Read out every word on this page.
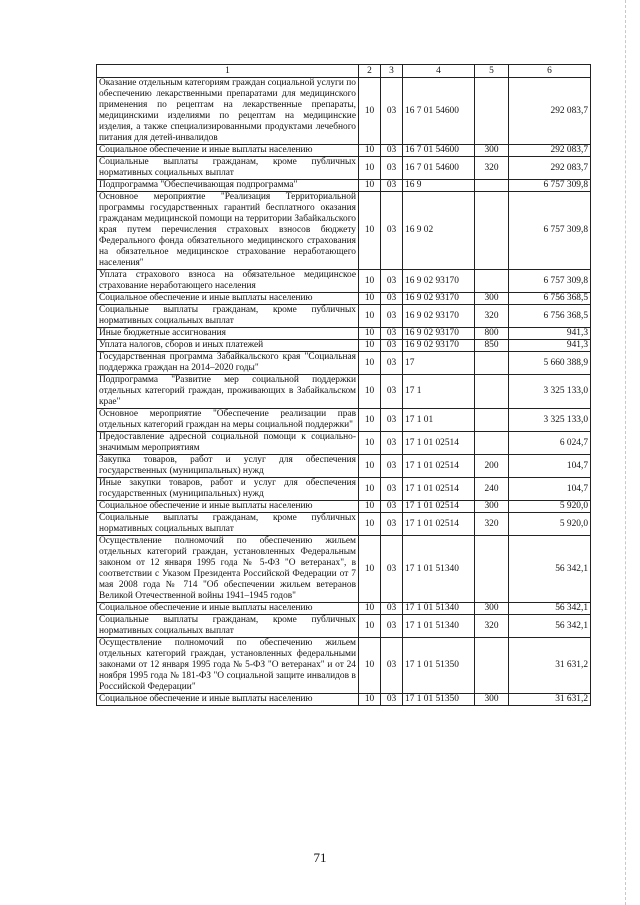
1	2	3	4	5	6
Оказание отдельным категориям граждан социальной услуги по обеспечению лекарственными препаратами для медицинского применения по рецептам на лекарственные препараты, медицинскими изделиями по рецептам на медицинские изделия, а также специализированными продуктами лечебного питания для детей-инвалидов	10	03	16 7 01 54600		292 083,7
Социальное обеспечение и иные выплаты населению	10	03	16 7 01 54600	300	292 083,7
Социальные выплаты гражданам, кроме публичных нормативных социальных выплат	10	03	16 7 01 54600	320	292 083,7
Подпрограмма "Обеспечивающая подпрограмма"	10	03	16 9		6 757 309,8
Основное мероприятие "Реализация Территориальной программы государственных гарантий бесплатного оказания гражданам медицинской помощи на территории Забайкальского края путем перечисления страховых взносов бюджету Федерального фонда обязательного медицинского страхования на обязательное медицинское страхование неработающего населения"	10	03	16 9 02		6 757 309,8
Уплата страхового взноса на обязательное медицинское страхование неработающего населения	10	03	16 9 02 93170		6 757 309,8
Социальное обеспечение и иные выплаты населению	10	03	16 9 02 93170	300	6 756 368,5
Социальные выплаты гражданам, кроме публичных нормативных социальных выплат	10	03	16 9 02 93170	320	6 756 368,5
Иные бюджетные ассигнования	10	03	16 9 02 93170	800	941,3
Уплата налогов, сборов и иных платежей	10	03	16 9 02 93170	850	941,3
Государственная программа Забайкальского края "Социальная поддержка граждан на 2014–2020 годы"	10	03	17		5 660 388,9
Подпрограмма "Развитие мер социальной поддержки отдельных категорий граждан, проживающих в Забайкальском крае"	10	03	17 1		3 325 133,0
Основное мероприятие "Обеспечение реализации прав отдельных категорий граждан на меры социальной поддержки"	10	03	17 1 01		3 325 133,0
Предоставление адресной социальной помощи к социально-значимым мероприятиям	10	03	17 1 01 02514		6 024,7
Закупка товаров, работ и услуг для обеспечения государственных (муниципальных) нужд	10	03	17 1 01 02514	200	104,7
Иные закупки товаров, работ и услуг для обеспечения государственных (муниципальных) нужд	10	03	17 1 01 02514	240	104,7
Социальное обеспечение и иные выплаты населению	10	03	17 1 01 02514	300	5 920,0
Социальные выплаты гражданам, кроме публичных нормативных социальных выплат	10	03	17 1 01 02514	320	5 920,0
Осуществление полномочий по обеспечению жильем отдельных категорий граждан, установленных Федеральным законом от 12 января 1995 года № 5-ФЗ "О ветеранах", в соответствии с Указом Президента Российской Федерации от 7 мая 2008 года № 714 "Об обеспечении жильем ветеранов Великой Отечественной войны 1941–1945 годов"	10	03	17 1 01 51340		56 342,1
Социальное обеспечение и иные выплаты населению	10	03	17 1 01 51340	300	56 342,1
Социальные выплаты гражданам, кроме публичных нормативных социальных выплат	10	03	17 1 01 51340	320	56 342,1
Осуществление полномочий по обеспечению жильем отдельных категорий граждан, установленных федеральными законами от 12 января 1995 года № 5-ФЗ "О ветеранах" и от 24 ноября 1995 года № 181-ФЗ "О социальной защите инвалидов в Российской Федерации"	10	03	17 1 01 51350		31 631,2
Социальное обеспечение и иные выплаты населению	10	03	17 1 01 51350	300	31 631,2
71
